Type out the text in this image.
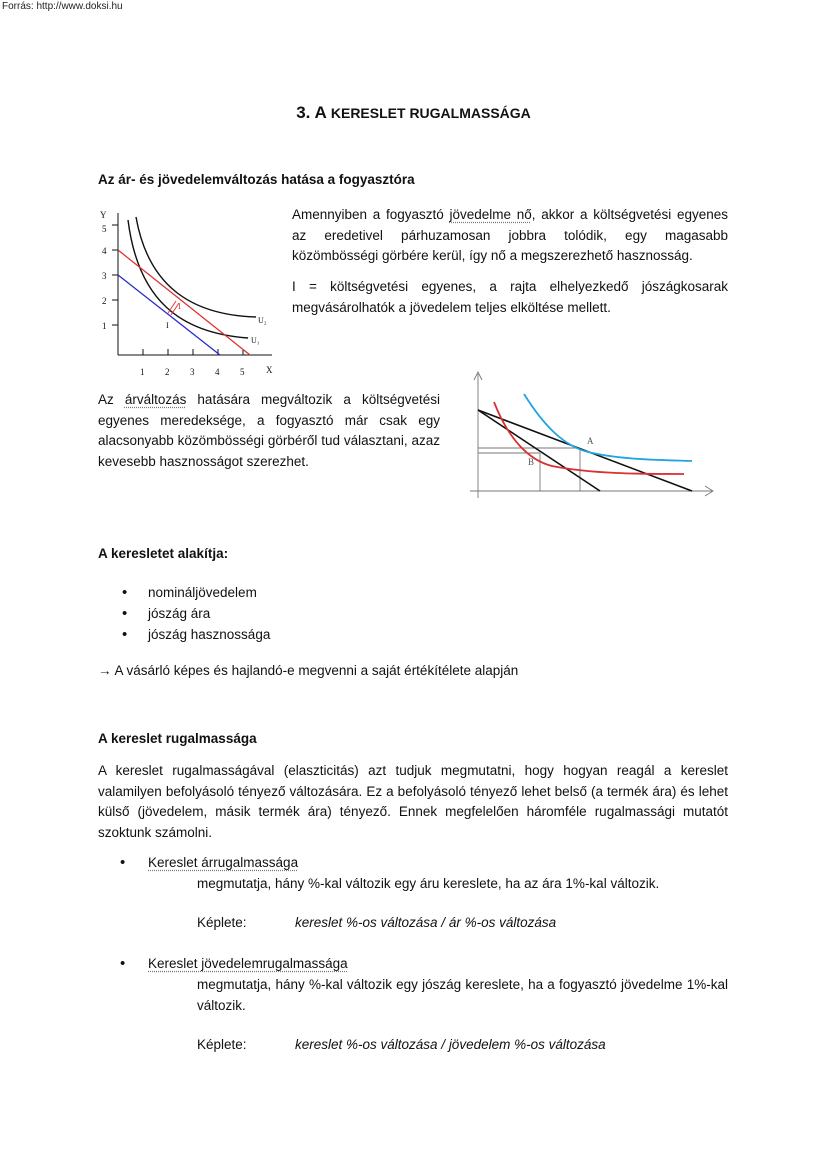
Forrás: http://www.doksi.hu
3. A KERESLET RUGALMASSÁGA
Az ár- és jövedelemváltozás hatása a fogyasztóra
Y
X
1
2
3
4
5
1 2 3 4 5
U₂
U₁
I
I
Amennyiben a fogyasztó jövedelme nő, akkor a költségvetési egyenes az eredetivel párhuzamosan jobbra tolódik, egy magasabb közömbösségi görbére kerül, így nő a megszerezhető hasznosság.
I = költségvetési egyenes, a rajta elhelyezkedő jószágkosarak megvásárolhatók a jövedelem teljes elköltése mellett.
Az árváltozás hatására megváltozik a költségvetési egyenes meredeksége, a fogyasztó már csak egy alacsonyabb közömbösségi görbéről tud választani, azaz kevesebb hasznosságot szerezhet.
A
B
A keresletet alakítja:
• nomináljövedelem
• jószág ára
• jószág hasznossága
→ A vásárló képes és hajlandó-e megvenni a saját értékítélete alapján
A kereslet rugalmassága
A kereslet rugalmasságával (elaszticitás) azt tudjuk megmutatni, hogy hogyan reagál a kereslet valamilyen befolyásoló tényező változására. Ez a befolyásoló tényező lehet belső (a termék ára) és lehet külső (jövedelem, másik termék ára) tényező. Ennek megfelelően háromféle rugalmassági mutatót szoktunk számolni.
• Kereslet árrugalmassága
megmutatja, hány %-kal változik egy áru kereslete, ha az ára 1%-kal változik.
Képlete:	kereslet %-os változása / ár %-os változása
• Kereslet jövedelemrugalmassága
megmutatja, hány %-kal változik egy jószág kereslete, ha a fogyasztó jövedelme 1%-kal változik.
Képlete:	kereslet %-os változása / jövedelem %-os változása
